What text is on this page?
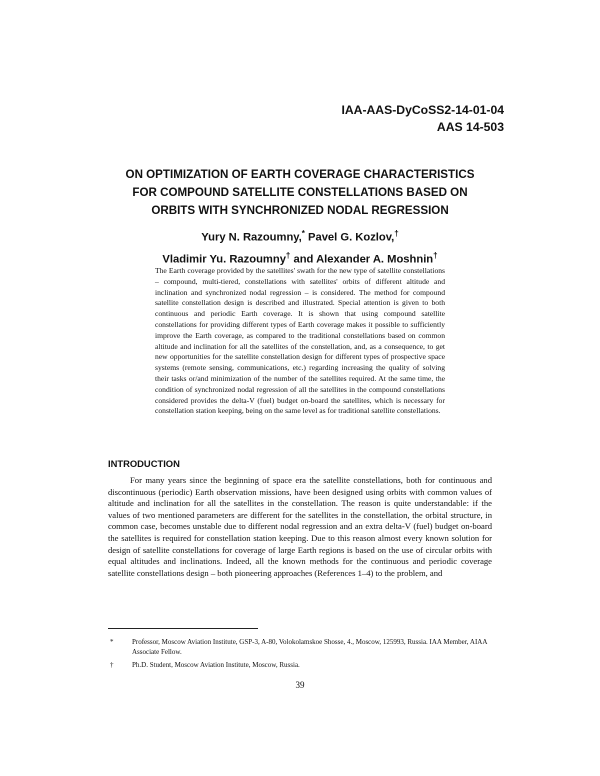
IAA-AAS-DyCoSS2-14-01-04
AAS 14-503
ON OPTIMIZATION OF EARTH COVERAGE CHARACTERISTICS
FOR COMPOUND SATELLITE CONSTELLATIONS BASED ON
ORBITS WITH SYNCHRONIZED NODAL REGRESSION
Yury N. Razoumny,* Pavel G. Kozlov,†
Vladimir Yu. Razoumny† and Alexander A. Moshnin†
The Earth coverage provided by the satellites' swath for the new type of satellite constellations – compound, multi-tiered, constellations with satellites' orbits of different altitude and inclination and synchronized nodal regression – is considered. The method for compound satellite constellation design is described and illustrated. Special attention is given to both continuous and periodic Earth coverage. It is shown that using compound satellite constellations for providing different types of Earth coverage makes it possible to sufficiently improve the Earth coverage, as compared to the traditional constellations based on common altitude and inclination for all the satellites of the constellation, and, as a consequence, to get new opportunities for the satellite constellation design for different types of prospective space systems (remote sensing, communications, etc.) regarding increasing the quality of solving their tasks or/and minimization of the number of the satellites required. At the same time, the condition of synchronized nodal regression of all the satellites in the compound constellations considered provides the delta-V (fuel) budget on-board the satellites, which is necessary for constellation station keeping, being on the same level as for traditional satellite constellations.
INTRODUCTION

For many years since the beginning of space era the satellite constellations, both for continuous and discontinuous (periodic) Earth observation missions, have been designed using orbits with common values of altitude and inclination for all the satellites in the constellation. The reason is quite understandable: if the values of two mentioned parameters are different for the satellites in the constellation, the orbital structure, in common case, becomes unstable due to different nodal regression and an extra delta-V (fuel) budget on-board the satellites is required for constellation station keeping. Due to this reason almost every known solution for design of satellite constellations for coverage of large Earth regions is based on the use of circular orbits with equal altitudes and inclinations. Indeed, all the known methods for the continuous and periodic coverage satellite constellations design – both pioneering approaches (References 1–4) to the problem, and

*	Professor, Moscow Aviation Institute, GSP-3, A-80, Volokolamskoe Shosse, 4., Moscow, 125993, Russia. IAA Member, AIAA Associate Fellow.
†	Ph.D. Student, Moscow Aviation Institute, Moscow, Russia.
39
